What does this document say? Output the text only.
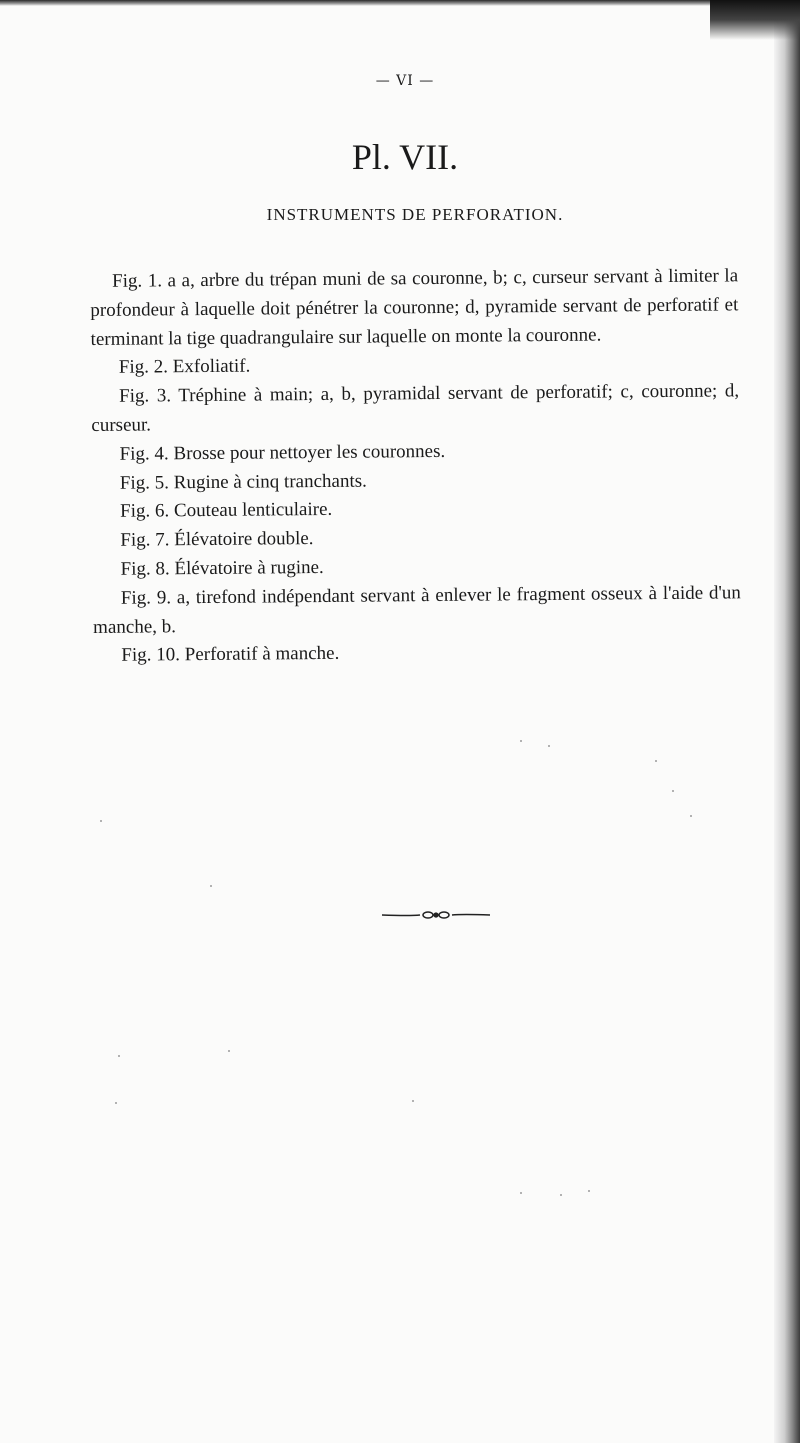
— VI —
Pl. VII.
INSTRUMENTS DE PERFORATION.

Fig. 1. a a, arbre du trépan muni de sa couronne, b; c, curseur servant à limiter la profondeur à laquelle doit pénétrer la couronne; d, pyramide servant de perforatif et terminant la tige quadrangulaire sur laquelle on monte la couronne.

Fig. 2. Exfoliatif.

Fig. 3. Tréphine à main; a, b, pyramidal servant de perforatif; c, couronne; d, curseur.

Fig. 4. Brosse pour nettoyer les couronnes.

Fig. 5. Rugine à cinq tranchants.

Fig. 6. Couteau lenticulaire.

Fig. 7. Élévatoire double.

Fig. 8. Élévatoire à rugine.

Fig. 9. a, tirefond indépendant servant à enlever le fragment osseux à l'aide d'un manche, b.

Fig. 10. Perforatif à manche.
